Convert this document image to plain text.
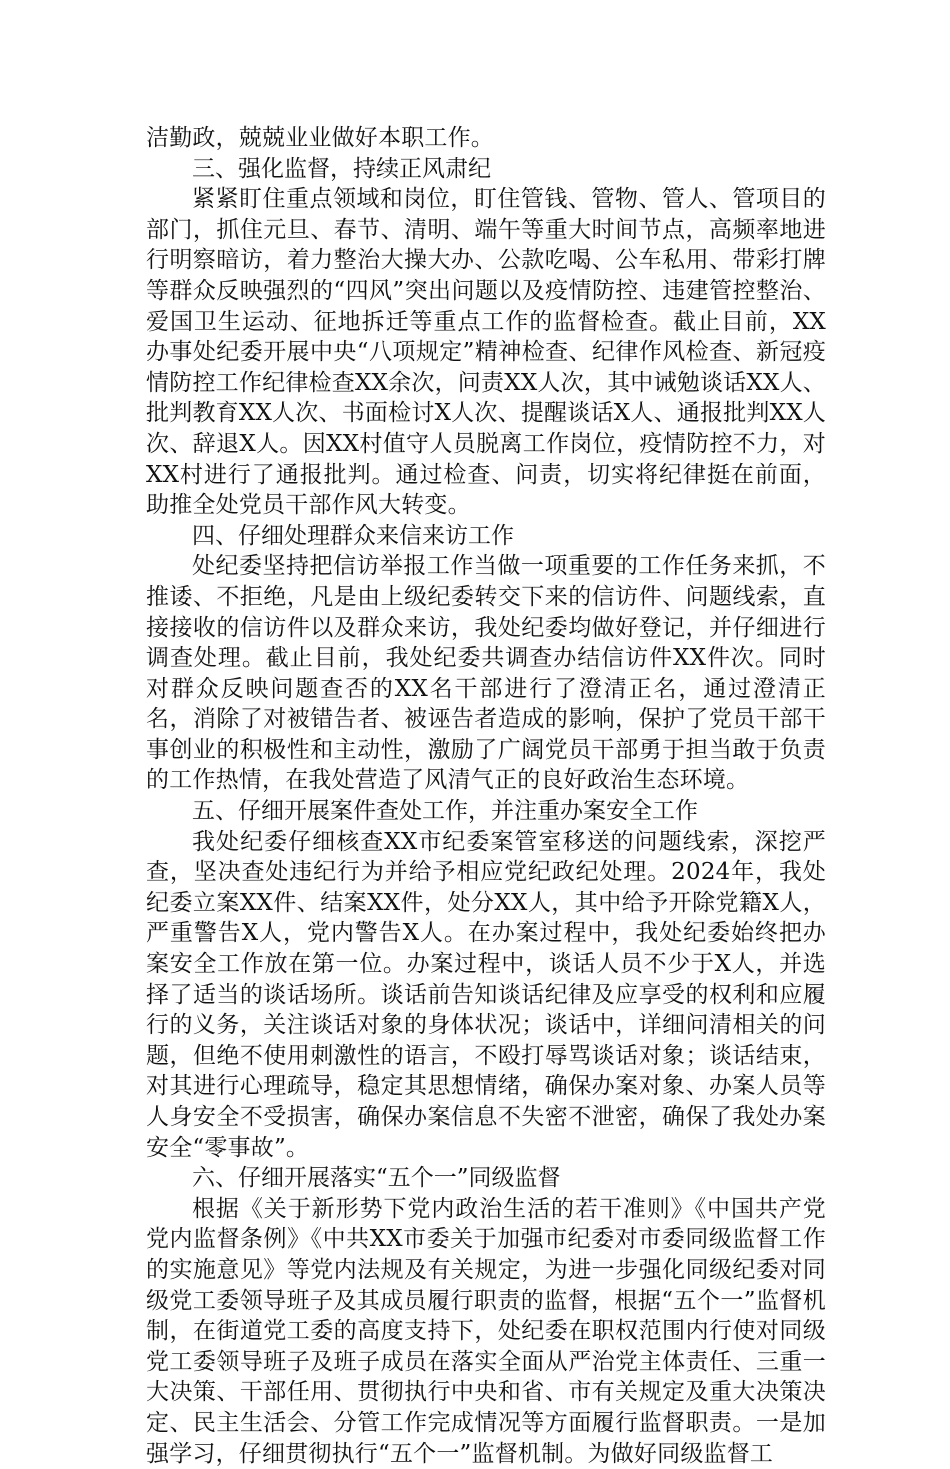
洁勤政，兢兢业业做好本职工作。

三、强化监督，持续正风肃纪

紧紧盯住重点领域和岗位，盯住管钱、管物、管人、管项目的部门，抓住元旦、春节、清明、端午等重大时间节点，高频率地进行明察暗访，着力整治大操大办、公款吃喝、公车私用、带彩打牌等群众反映强烈的“四风”突出问题以及疫情防控、违建管控整治、爱国卫生运动、征地拆迁等重点工作的监督检查。截止目前，XX办事处纪委开展中央“八项规定”精神检查、纪律作风检查、新冠疫情防控工作纪律检查XX余次，问责XX人次，其中诫勉谈话XX人、批判教育XX人次、书面检讨X人次、提醒谈话X人、通报批判XX人次、辞退X人。因XX村值守人员脱离工作岗位，疫情防控不力，对XX村进行了通报批判。通过检查、问责，切实将纪律挺在前面，助推全处党员干部作风大转变。

四、仔细处理群众来信来访工作

处纪委坚持把信访举报工作当做一项重要的工作任务来抓，不推诿、不拒绝，凡是由上级纪委转交下来的信访件、问题线索，直接接收的信访件以及群众来访，我处纪委均做好登记，并仔细进行调查处理。截止目前，我处纪委共调查办结信访件XX件次。同时对群众反映问题查否的XX名干部进行了澄清正名，通过澄清正名，消除了对被错告者、被诬告者造成的影响，保护了党员干部干事创业的积极性和主动性，激励了广阔党员干部勇于担当敢于负责的工作热情，在我处营造了风清气正的良好政治生态环境。

五、仔细开展案件查处工作，并注重办案安全工作

我处纪委仔细核查XX市纪委案管室移送的问题线索，深挖严查，坚决查处违纪行为并给予相应党纪政纪处理。2024年，我处纪委立案XX件、结案XX件，处分XX人，其中给予开除党籍X人，严重警告X人，党内警告X人。在办案过程中，我处纪委始终把办案安全工作放在第一位。办案过程中，谈话人员不少于X人，并选择了适当的谈话场所。谈话前告知谈话纪律及应享受的权利和应履行的义务，关注谈话对象的身体状况；谈话中，详细问清相关的问题，但绝不使用刺激性的语言，不殴打辱骂谈话对象；谈话结束，对其进行心理疏导，稳定其思想情绪，确保办案对象、办案人员等人身安全不受损害，确保办案信息不失密不泄密，确保了我处办案安全“零事故”。

六、仔细开展落实“五个一”同级监督

根据《关于新形势下党内政治生活的若干准则》《中国共产党党内监督条例》《中共XX市委关于加强市纪委对市委同级监督工作的实施意见》等党内法规及有关规定，为进一步强化同级纪委对同级党工委领导班子及其成员履行职责的监督，根据“五个一”监督机制，在街道党工委的高度支持下，处纪委在职权范围内行使对同级党工委领导班子及班子成员在落实全面从严治党主体责任、三重一大决策、干部任用、贯彻执行中央和省、市有关规定及重大决策决定、民主生活会、分管工作完成情况等方面履行监督职责。一是加强学习，仔细贯彻执行“五个一”监督机制。为做好同级监督工
